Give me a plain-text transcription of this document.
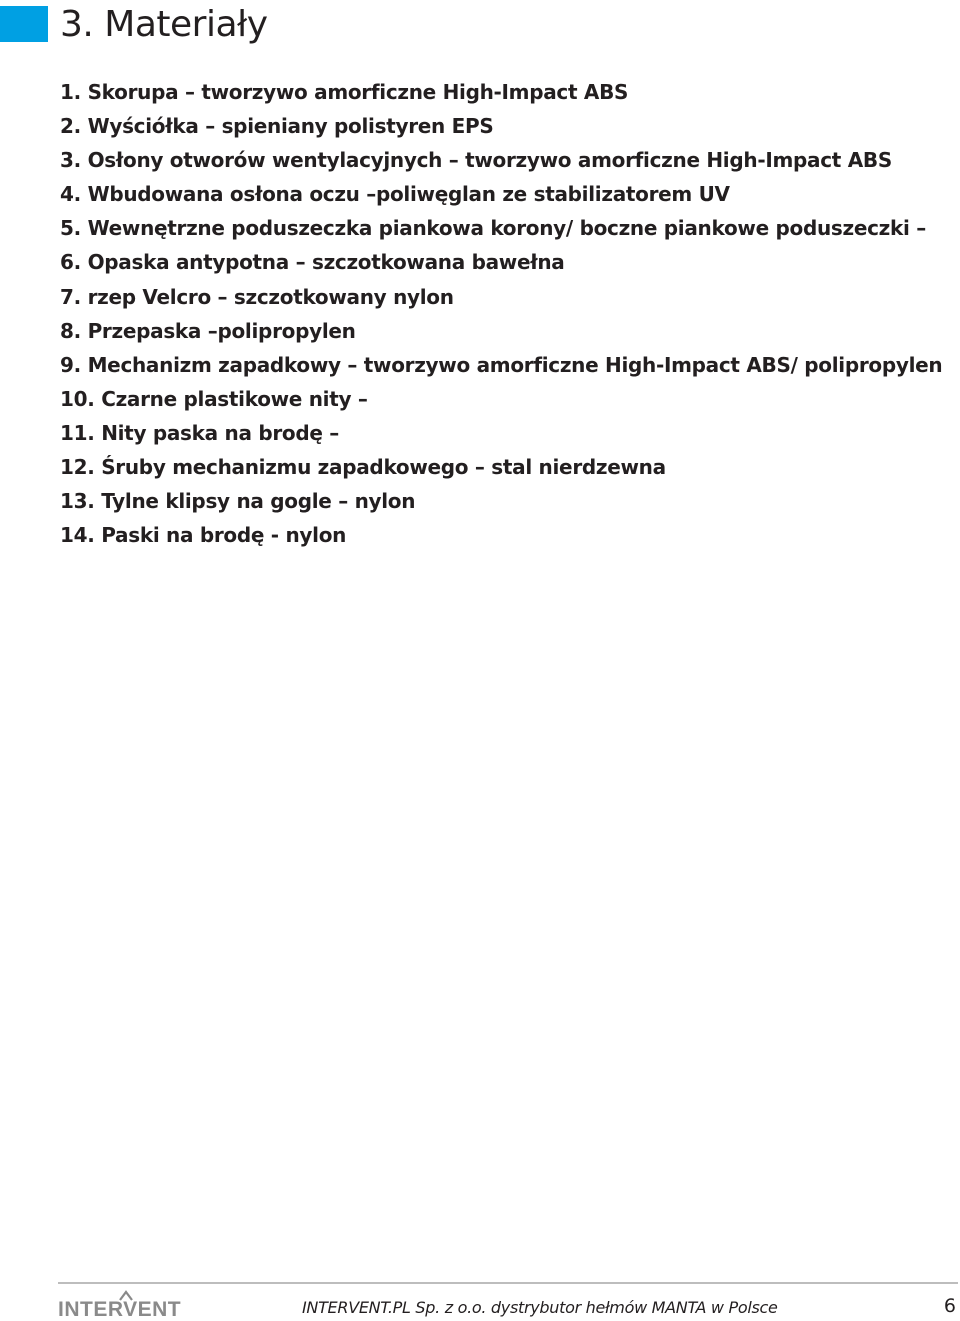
3. Materiały
1. Skorupa – tworzywo amorficzne High-Impact ABS
2. Wyściółka – spieniany polistyren EPS
3. Osłony otworów wentylacyjnych – tworzywo amorficzne High-Impact ABS
4. Wbudowana osłona oczu –poliwęglan ze stabilizatorem UV
5. Wewnętrzne poduszeczka piankowa korony/ boczne piankowe poduszeczki –
6. Opaska antypotna – szczotkowana bawełna
7. rzep Velcro – szczotkowany nylon
8. Przepaska –polipropylen
9. Mechanizm zapadkowy – tworzywo amorficzne High-Impact ABS/ polipropylen
10. Czarne plastikowe nity –
11. Nity paska na brodę –
12. Śruby mechanizmu zapadkowego – stal nierdzewna
13. Tylne klipsy na gogle – nylon
14. Paski na brodę - nylon
INTERVENT	INTERVENT.PL Sp. z o.o. dystrybutor hełmów MANTA w Polsce	6
